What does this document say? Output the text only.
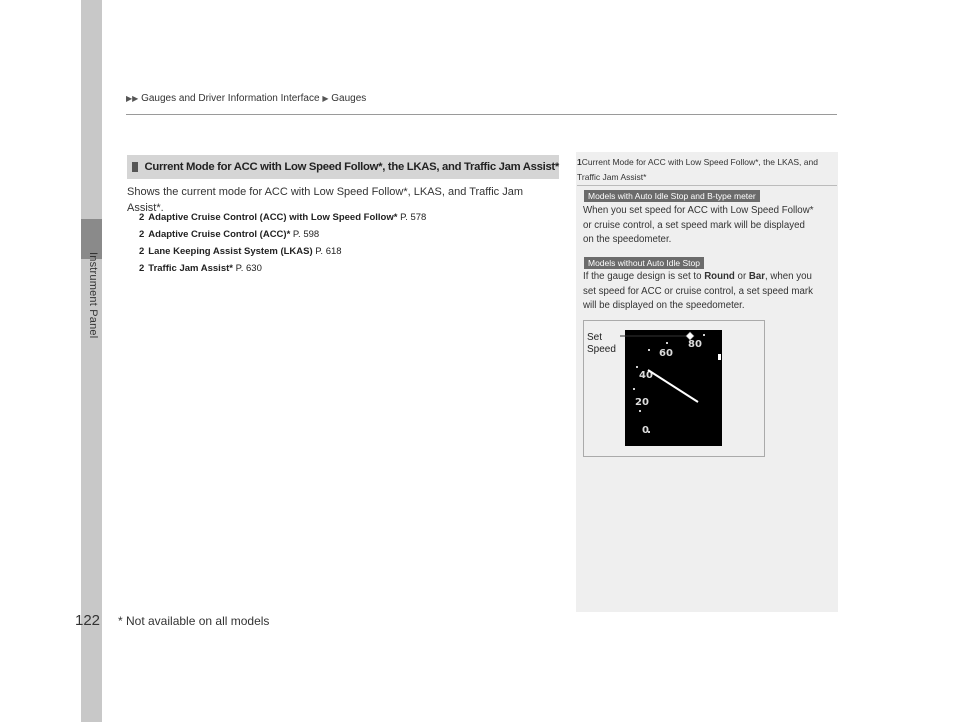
Instrument Panel
▶▶ Gauges and Driver Information Interface ▶ Gauges
Current Mode for ACC with Low Speed Follow*, the LKAS, and Traffic Jam Assist*
Shows the current mode for ACC with Low Speed Follow*, LKAS, and Traffic Jam
Assist*.
2 Adaptive Cruise Control (ACC) with Low Speed Follow* P. 578
2 Adaptive Cruise Control (ACC)* P. 598
2 Lane Keeping Assist System (LKAS) P. 618
2 Traffic Jam Assist* P. 630
1Current Mode for ACC with Low Speed Follow*, the LKAS, and
Traffic Jam Assist*
Models with Auto Idle Stop and B-type meter
When you set speed for ACC with Low Speed Follow*
or cruise control, a set speed mark will be displayed
on the speedometer.
Models without Auto Idle Stop
If the gauge design is set to Round or Bar, when you
set speed for ACC or cruise control, a set speed mark
will be displayed on the speedometer.
Set
Speed
0
20
40
60
80
122 * Not available on all models
